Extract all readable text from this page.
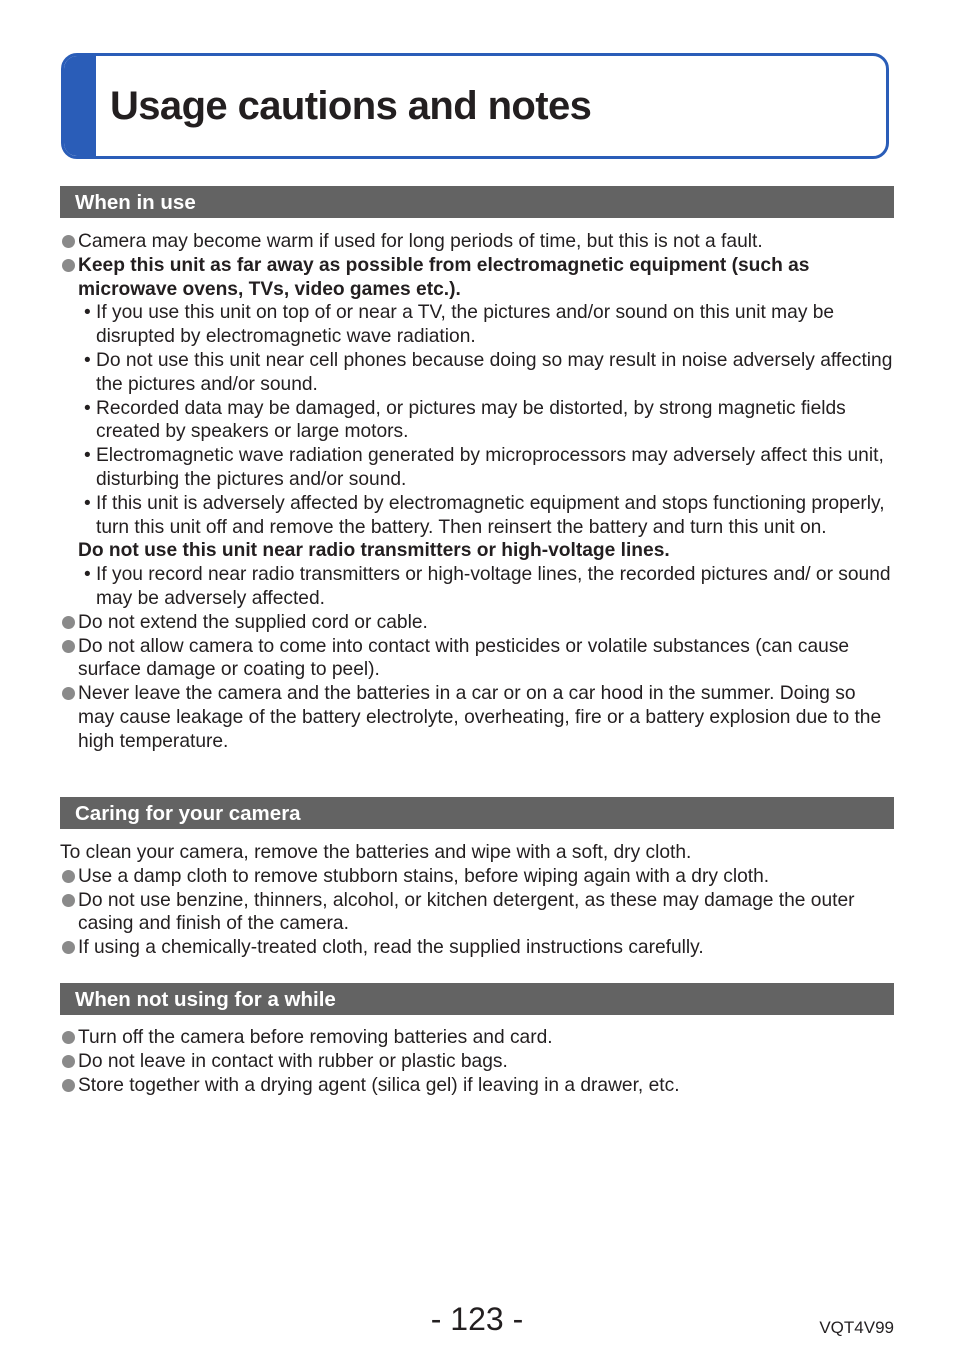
Usage cautions and notes
When in use
Camera may become warm if used for long periods of time, but this is not a fault.
Keep this unit as far away as possible from electromagnetic equipment (such as microwave ovens, TVs, video games etc.).
• If you use this unit on top of or near a TV, the pictures and/or sound on this unit may be disrupted by electromagnetic wave radiation.
• Do not use this unit near cell phones because doing so may result in noise adversely affecting the pictures and/or sound.
• Recorded data may be damaged, or pictures may be distorted, by strong magnetic fields created by speakers or large motors.
• Electromagnetic wave radiation generated by microprocessors may adversely affect this unit, disturbing the pictures and/or sound.
• If this unit is adversely affected by electromagnetic equipment and stops functioning properly, turn this unit off and remove the battery. Then reinsert the battery and turn this unit on.
Do not use this unit near radio transmitters or high-voltage lines.
• If you record near radio transmitters or high-voltage lines, the recorded pictures and/ or sound may be adversely affected.
Do not extend the supplied cord or cable.
Do not allow camera to come into contact with pesticides or volatile substances (can cause surface damage or coating to peel).
Never leave the camera and the batteries in a car or on a car hood in the summer. Doing so may cause leakage of the battery electrolyte, overheating, fire or a battery explosion due to the high temperature.
Caring for your camera
To clean your camera, remove the batteries and wipe with a soft, dry cloth.
Use a damp cloth to remove stubborn stains, before wiping again with a dry cloth.
Do not use benzine, thinners, alcohol, or kitchen detergent, as these may damage the outer casing and finish of the camera.
If using a chemically-treated cloth, read the supplied instructions carefully.
When not using for a while
Turn off the camera before removing batteries and card.
Do not leave in contact with rubber or plastic bags.
Store together with a drying agent (silica gel) if leaving in a drawer, etc.
- 123 -	VQT4V99
